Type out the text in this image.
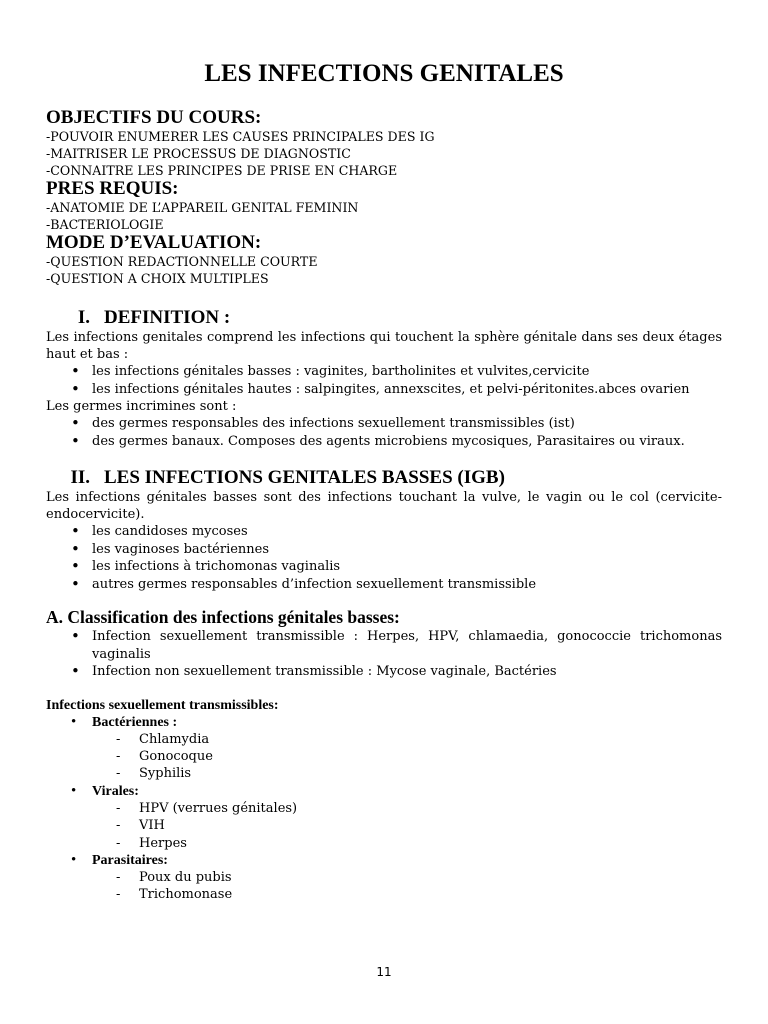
LES INFECTIONS GENITALES
OBJECTIFS DU COURS:
-POUVOIR ENUMERER LES CAUSES PRINCIPALES DES IG
-MAITRISER LE PROCESSUS DE DIAGNOSTIC
-CONNAITRE LES PRINCIPES DE PRISE EN CHARGE
PRES REQUIS:
-ANATOMIE DE L’APPAREIL GENITAL FEMININ
-BACTERIOLOGIE
MODE D’EVALUATION:
-QUESTION REDACTIONNELLE COURTE
-QUESTION A CHOIX MULTIPLES
I. DEFINITION :
Les infections genitales comprend les infections qui touchent la sphère génitale dans ses deux étages haut et bas :
• les infections génitales basses : vaginites, bartholinites et vulvites,cervicite
• les infections génitales hautes : salpingites, annexscites, et pelvi-péritonites.abces ovarien
Les germes incrimines sont :
• des germes responsables des infections sexuellement transmissibles (ist)
• des germes banaux. Composes des agents microbiens mycosiques, Parasitaires ou viraux.
II. LES INFECTIONS GENITALES BASSES (IGB)
Les infections génitales basses sont des infections touchant la vulve, le vagin ou le col (cervicite-endocervicite).
• les candidoses mycoses
• les vaginoses bactériennes
• les infections à trichomonas vaginalis
• autres germes responsables d’infection sexuellement transmissible
A. Classification des infections génitales basses:
• Infection sexuellement transmissible : Herpes, HPV, chlamaedia, gonococcie trichomonas vaginalis
• Infection non sexuellement transmissible : Mycose vaginale, Bactéries
Infections sexuellement transmissibles:
• Bactériennes :
- Chlamydia
- Gonocoque
- Syphilis
• Virales:
- HPV (verrues génitales)
- VIH
- Herpes
• Parasitaires:
- Poux du pubis
- Trichomonase
11
